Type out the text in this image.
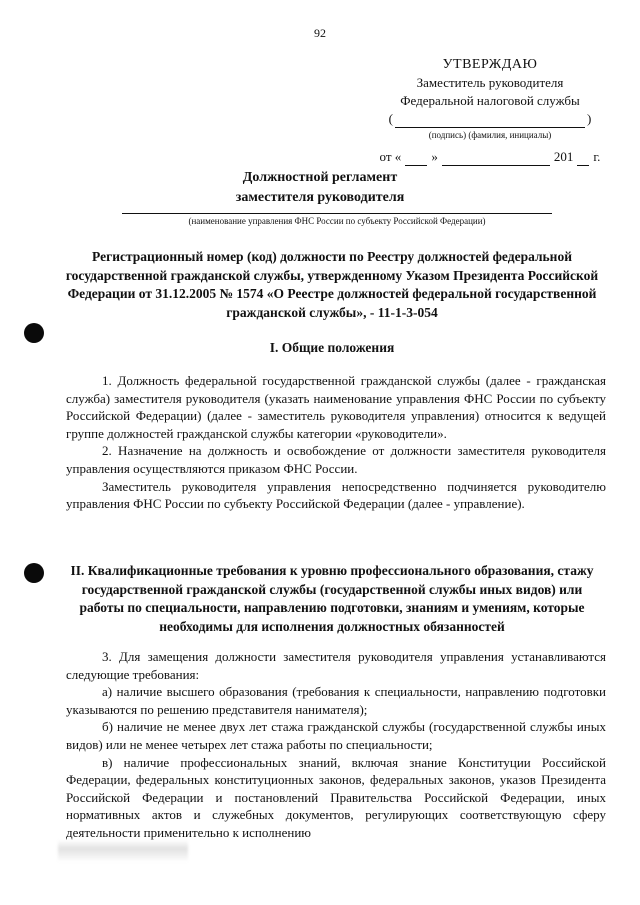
92
УТВЕРЖДАЮ
Заместитель руководителя
Федеральной налоговой службы
(	)
(подпись) (фамилия, инициалы)
от « »	201 г.
Должностной регламент
заместителя руководителя
(наименование управления ФНС России по субъекту Российской Федерации)
Регистрационный номер (код) должности по Реестру должностей федеральной государственной гражданской службы, утвержденному Указом Президента Российской Федерации от 31.12.2005 № 1574 «О Реестре должностей федеральной государственной гражданской службы», - 11-1-3-054
I. Общие положения

1. Должность федеральной государственной гражданской службы (далее - гражданская служба) заместителя руководителя (указать наименование управления ФНС России по субъекту Российской Федерации) (далее - заместитель руководителя управления) относится к ведущей группе должностей гражданской службы категории «руководители».

2. Назначение на должность и освобождение от должности заместителя руководителя управления осуществляются приказом ФНС России.

Заместитель руководителя управления непосредственно подчиняется руководителю управления ФНС России по субъекту Российской Федерации (далее - управление).

II. Квалификационные требования к уровню профессионального образования, стажу государственной гражданской службы (государственной службы иных видов) или работы по специальности, направлению подготовки, знаниям и умениям, которые необходимы для исполнения должностных обязанностей

3. Для замещения должности заместителя руководителя управления устанавливаются следующие требования:

а) наличие высшего образования (требования к специальности, направлению подготовки указываются по решению представителя нанимателя);

б) наличие не менее двух лет стажа гражданской службы (государственной службы иных видов) или не менее четырех лет стажа работы по специальности;

в) наличие профессиональных знаний, включая знание Конституции Российской Федерации, федеральных конституционных законов, федеральных законов, указов Президента Российской Федерации и постановлений Правительства Российской Федерации, иных нормативных актов и служебных документов, регулирующих соответствующую сферу деятельности применительно к исполнению
